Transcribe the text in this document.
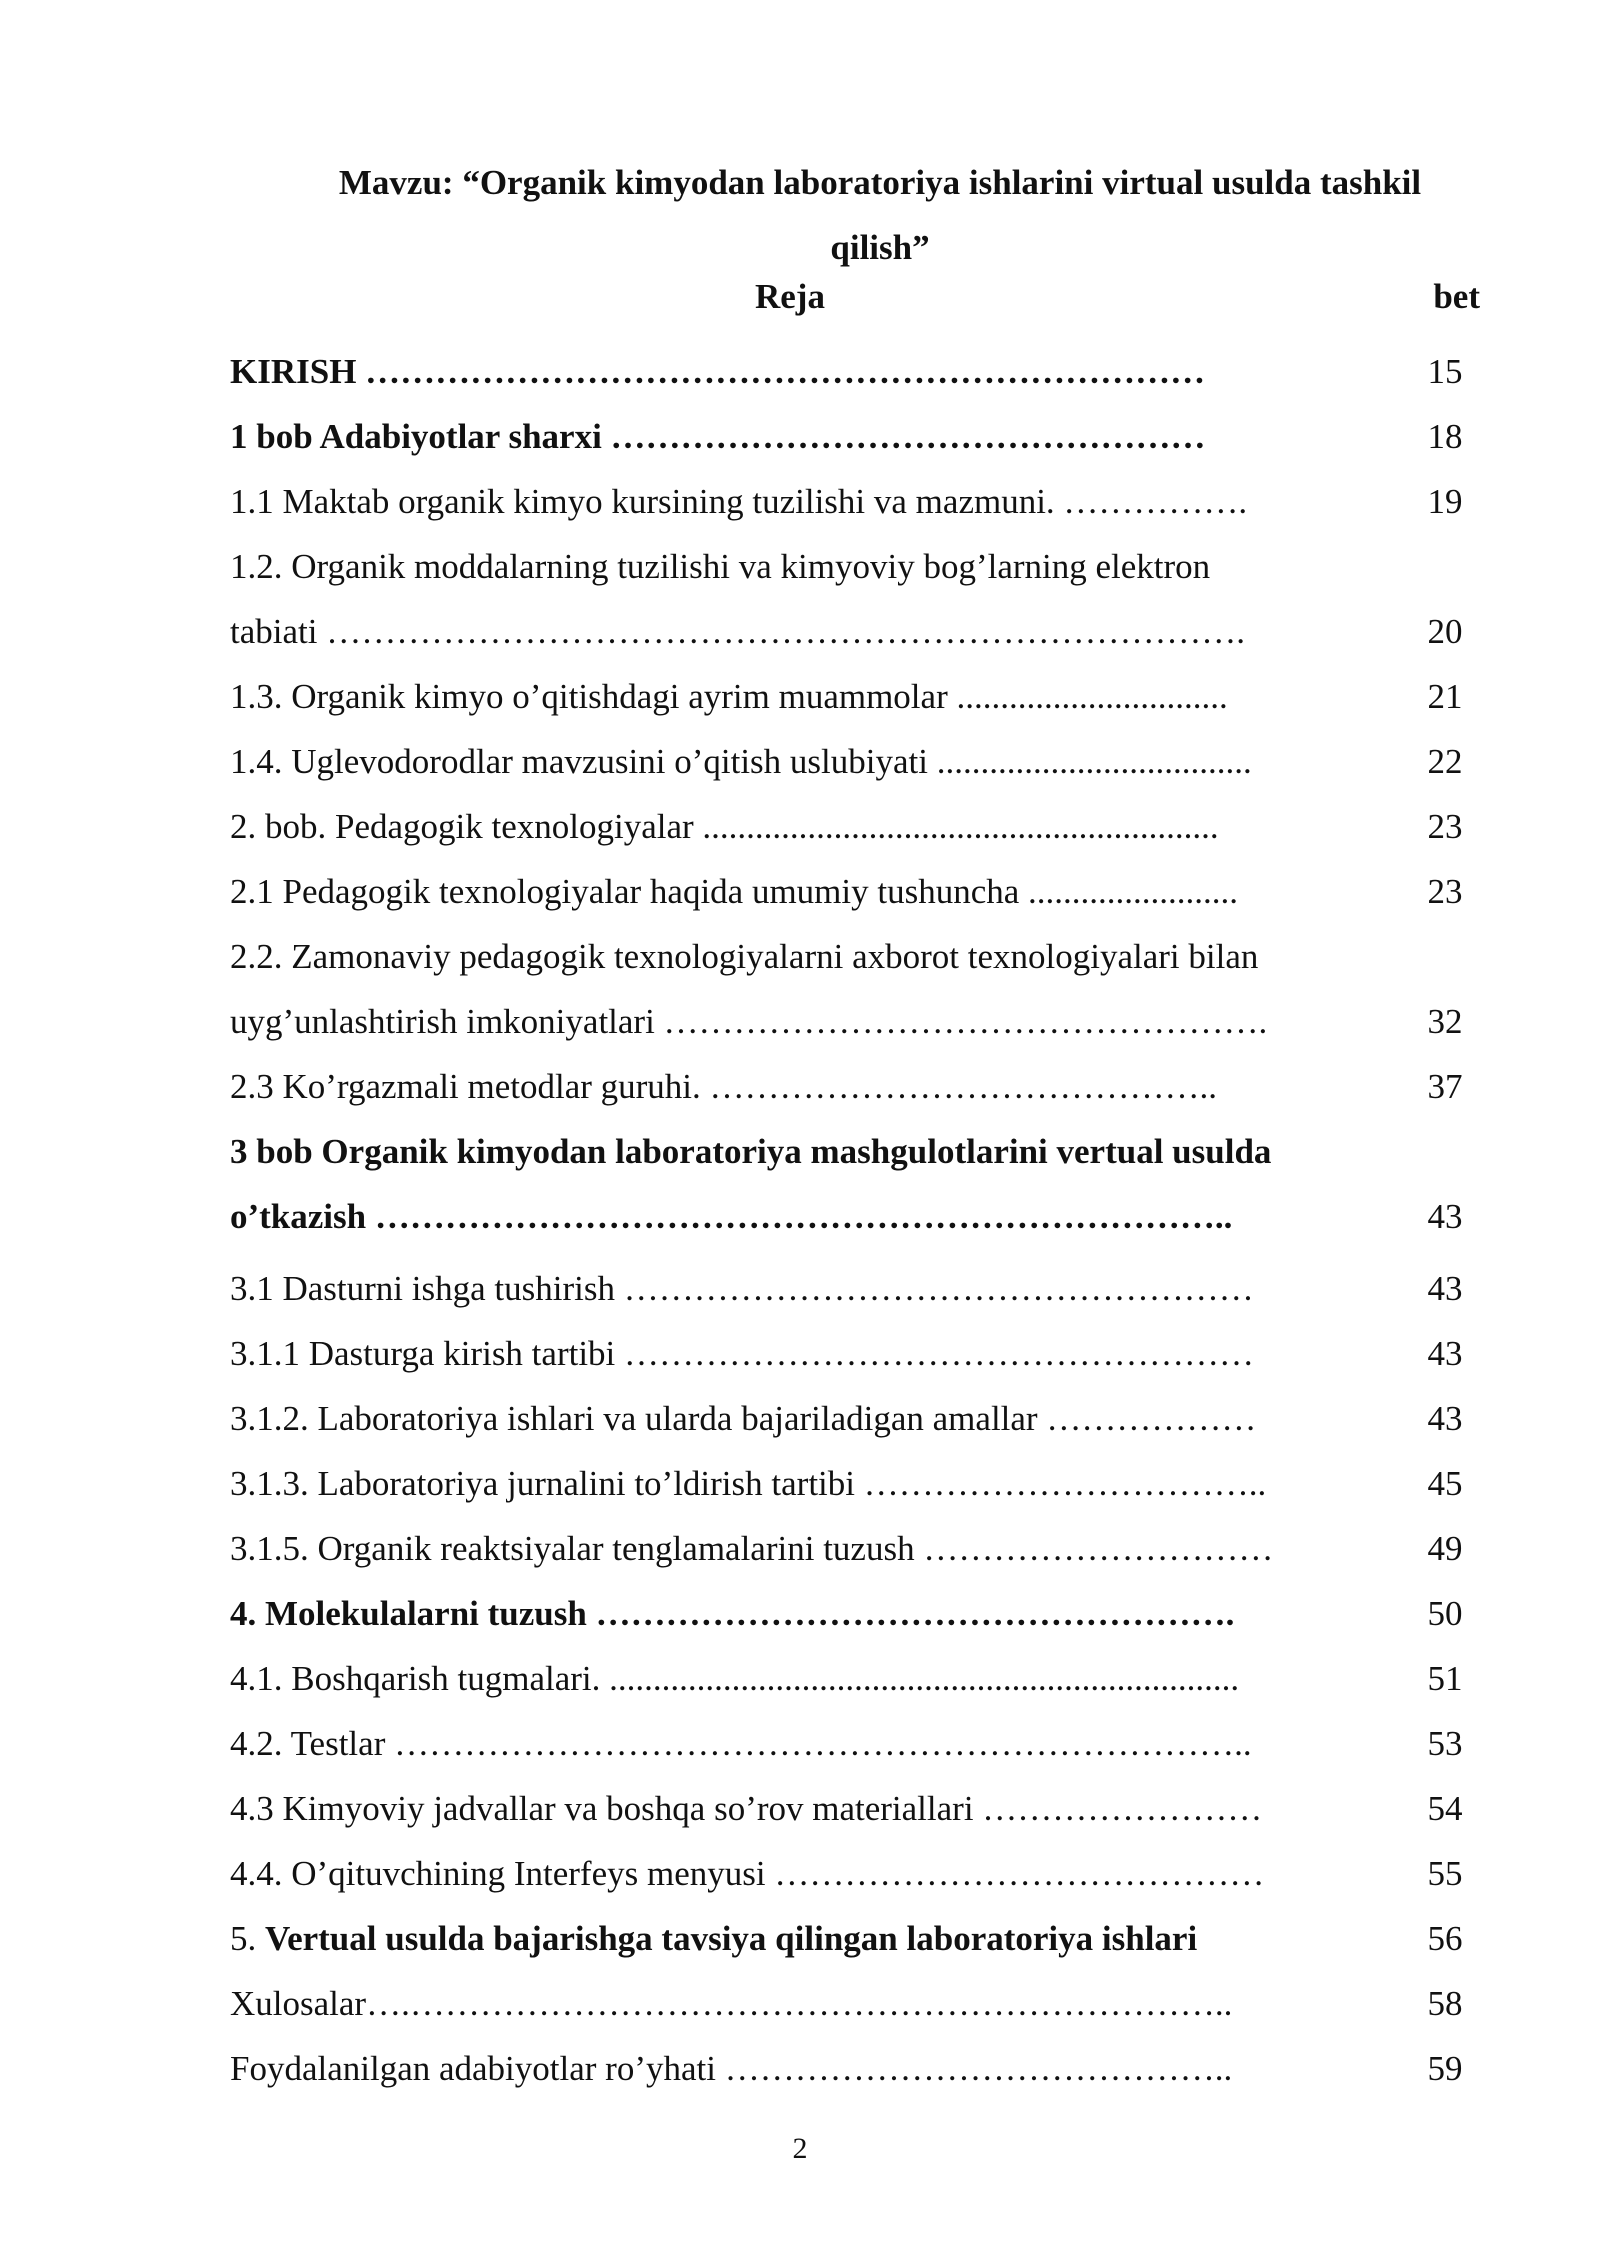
Mavzu: “Organik kimyodan laboratoriya ishlarini virtual usulda tashkil
qilish”
Reja	bet
KIRISH ………………………………………………………………	15
1 bob Adabiyotlar sharxi ……………………………………………	18
1.1 Maktab organik kimyo kursining tuzilishi va mazmuni. …………….	19
1.2. Organik moddalarning tuzilishi va kimyoviy bog’larning elektron
tabiati …………………………………………………………………….	20
1.3. Organik kimyo o’qitishdagi ayrim muammolar ...............................	21
1.4. Uglevodorodlar mavzusini o’qitish uslubiyati ....................................	22
2. bob. Pedagogik texnologiyalar ...........................................................	23
2.1 Pedagogik texnologiyalar haqida umumiy tushuncha ........................	23
2.2. Zamonaviy pedagogik texnologiyalarni axborot texnologiyalari bilan
uyg’unlashtirish imkoniyatlari …………………………………………….	32
2.3 Ko’rgazmali metodlar guruhi. ……………………………………..	37
3 bob Organik kimyodan laboratoriya mashgulotlarini vertual usulda
o’tkazish ………………………………………………………………..	43
3.1 Dasturni ishga tushirish ………………………………………………	43
3.1.1 Dasturga kirish tartibi ………………………………………………	43
3.1.2. Laboratoriya ishlari va ularda bajariladigan amallar ………………	43
3.1.3. Laboratoriya jurnalini to’ldirish tartibi ……………………………..	45
3.1.5. Organik reaktsiyalar tenglamalarini tuzush …………………………	49
4. Molekulalarni tuzush ……………………………………………….	50
4.1. Boshqarish tugmalari. ........................................................................	51
4.2. Testlar ………………………………………………………………..	53
4.3 Kimyoviy jadvallar va boshqa so’rov materiallari ……………………	54
4.4. O’qituvchining Interfeys menyusi ……………………………………	55
5. Vertual usulda bajarishga tavsiya qilingan laboratoriya ishlari	56
Xulosalar….……………………………………………………………..	58
Foydalanilgan adabiyotlar ro’yhati ……………………………………..	59
2
